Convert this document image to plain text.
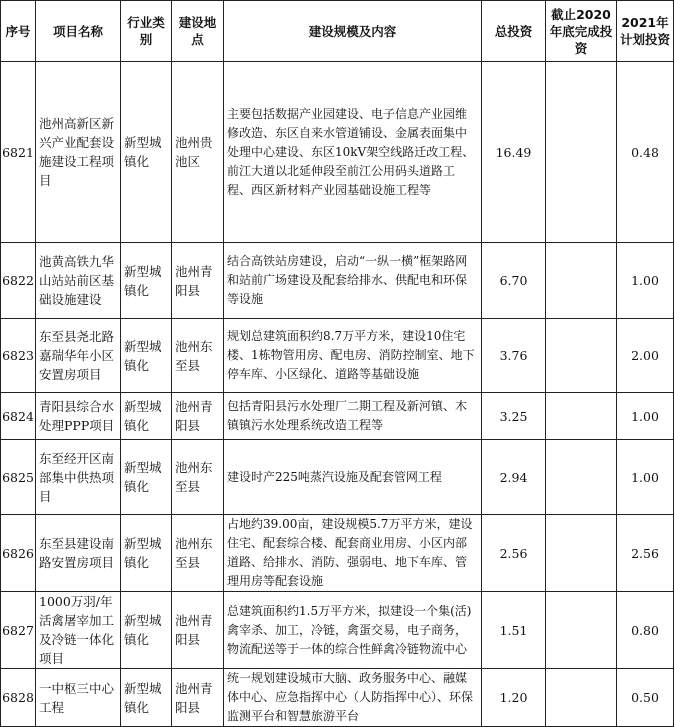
序号	项目名称	行业类别	建设地点	建设规模及内容	总投资	截止2020年底完成投资	2021年计划投资
6821	池州高新区新兴产业配套设施建设工程项目	新型城镇化	池州贵池区	主要包括数据产业园建设、电子信息产业园维修改造、东区自来水管道铺设、金属表面集中处理中心建设、东区10kV架空线路迁改工程、前江大道以北延伸段至前江公用码头道路工程、西区新材料产业园基础设施工程等	16.49		0.48
6822	池黄高铁九华山站站前区基础设施建设	新型城镇化	池州青阳县	结合高铁站房建设，启动“一纵一横”框架路网和站前广场建设及配套给排水、供配电和环保等设施	6.70		1.00
6823	东至县尧北路嘉瑞华年小区安置房项目	新型城镇化	池州东至县	规划总建筑面积约8.7万平方米，建设10住宅楼、1栋物管用房、配电房、消防控制室、地下停车库、小区绿化、道路等基础设施	3.76		2.00
6824	青阳县综合水处理PPP项目	新型城镇化	池州青阳县	包括青阳县污水处理厂二期工程及新河镇、木镇镇污水处理系统改造工程等	3.25		1.00
6825	东至经开区南部集中供热项目	新型城镇化	池州东至县	建设时产225吨蒸汽设施及配套管网工程	2.94		1.00
6826	东至县建设南路安置房项目	新型城镇化	池州东至县	占地约39.00亩，建设规模5.7万平方米，建设住宅、配套综合楼、配套商业用房、小区内部道路、给排水、消防、强弱电、地下车库、管理用房等配套设施	2.56		2.56
6827	1000万羽/年活禽屠宰加工及冷链一体化项目	新型城镇化	池州青阳县	总建筑面积约1.5万平方米，拟建设一个集(活)禽宰杀、加工，冷链，禽蛋交易，电子商务，物流配送等于一体的综合性鲜禽冷链物流中心	1.51		0.80
6828	一中枢三中心工程	新型城镇化	池州青阳县	统一规划建设城市大脑、政务服务中心、融媒体中心、应急指挥中心（人防指挥中心）、环保监测平台和智慧旅游平台	1.20		0.50
